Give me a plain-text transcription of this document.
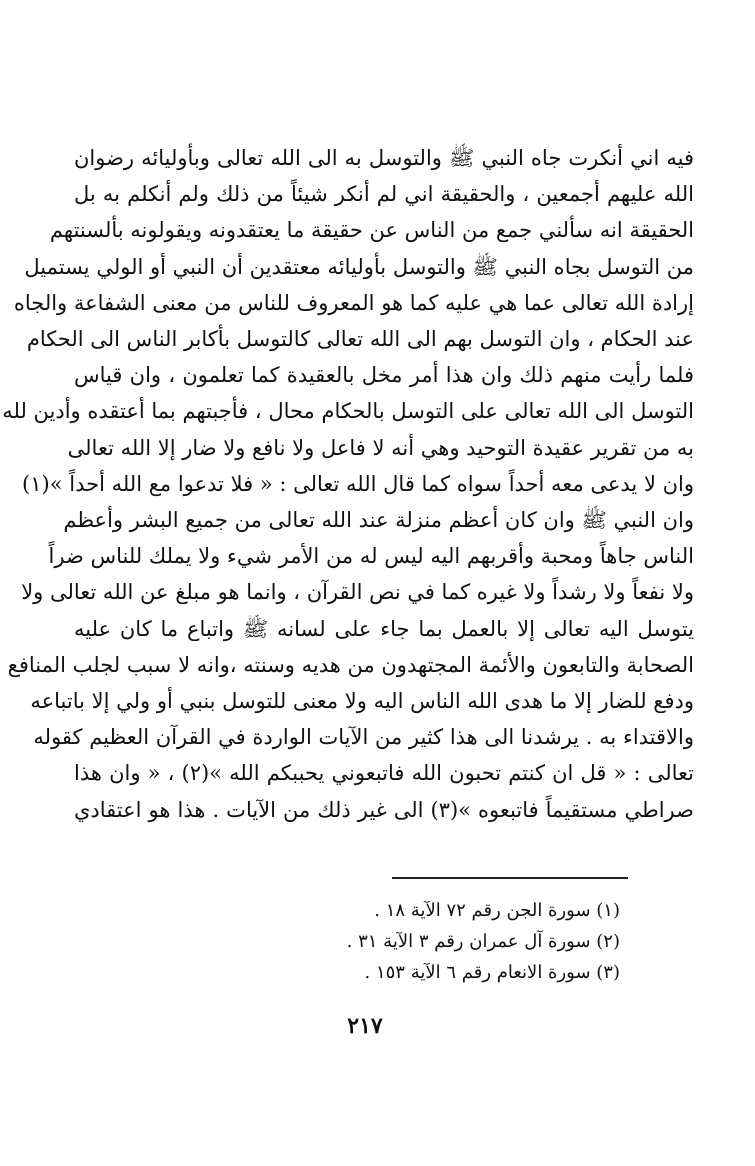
فيه اني أنكرت جاه النبي ﷺ والتوسل به الى الله تعالى وبأوليائه رضوان
الله عليهم أجمعين ، والحقيقة اني لم أنكر شيئاً من ذلك ولم أنكلم به بل
الحقيقة انه سألني جمع من الناس عن حقيقة ما يعتقدونه ويقولونه بألسنتهم
من التوسل بجاه النبي ﷺ والتوسل بأوليائه معتقدين أن النبي أو الولي يستميل
إرادة الله تعالى عما هي عليه كما هو المعروف للناس من معنى الشفاعة والجاه
عند الحكام ، وان التوسل بهم الى الله تعالى كالتوسل بأكابر الناس الى الحكام
فلما رأيت منهم ذلك وان هذا أمر مخل بالعقيدة كما تعلمون ، وان قياس
التوسل الى الله تعالى على التوسل بالحكام محال ، فأجبتهم بما أعتقده وأدين لله
به من تقرير عقيدة التوحيد وهي أنه لا فاعل ولا نافع ولا ضار إلا الله تعالى
وان لا يدعى معه أحداً سواه كما قال الله تعالى : « فلا تدعوا مع الله أحداً »(١)
وان النبي ﷺ وان كان أعظم منزلة عند الله تعالى من جميع البشر وأعظم
الناس جاهاً ومحبة وأقربهم اليه ليس له من الأمر شيء ولا يملك للناس ضراً
ولا نفعاً ولا رشداً ولا غيره كما في نص القرآن ، وانما هو مبلغ عن الله تعالى ولا
يتوسل اليه تعالى إلا بالعمل بما جاء على لسانه ﷺ واتباع ما كان عليه
الصحابة والتابعون والأئمة المجتهدون من هديه وسنته ،وانه لا سبب لجلب المنافع
ودفع للضار إلا ما هدى الله الناس اليه ولا معنى للتوسل بنبي أو ولي إلا باتباعه
والاقتداء به . يرشدنا الى هذا كثير من الآيات الواردة في القرآن العظيم كقوله
تعالى : « قل ان كنتم تحبون الله فاتبعوني يحببكم الله »(٢) ، « وان هذا
صراطي مستقيماً فاتبعوه »(٣) الى غير ذلك من الآيات . هذا هو اعتقادي
(١) سورة الجن رقم ٧٢ الآية ١٨ .
(٢) سورة آل عمران رقم ٣ الآية ٣١ .
(٣) سورة الانعام رقم ٦ الآية ١٥٣ .
٢١٧
